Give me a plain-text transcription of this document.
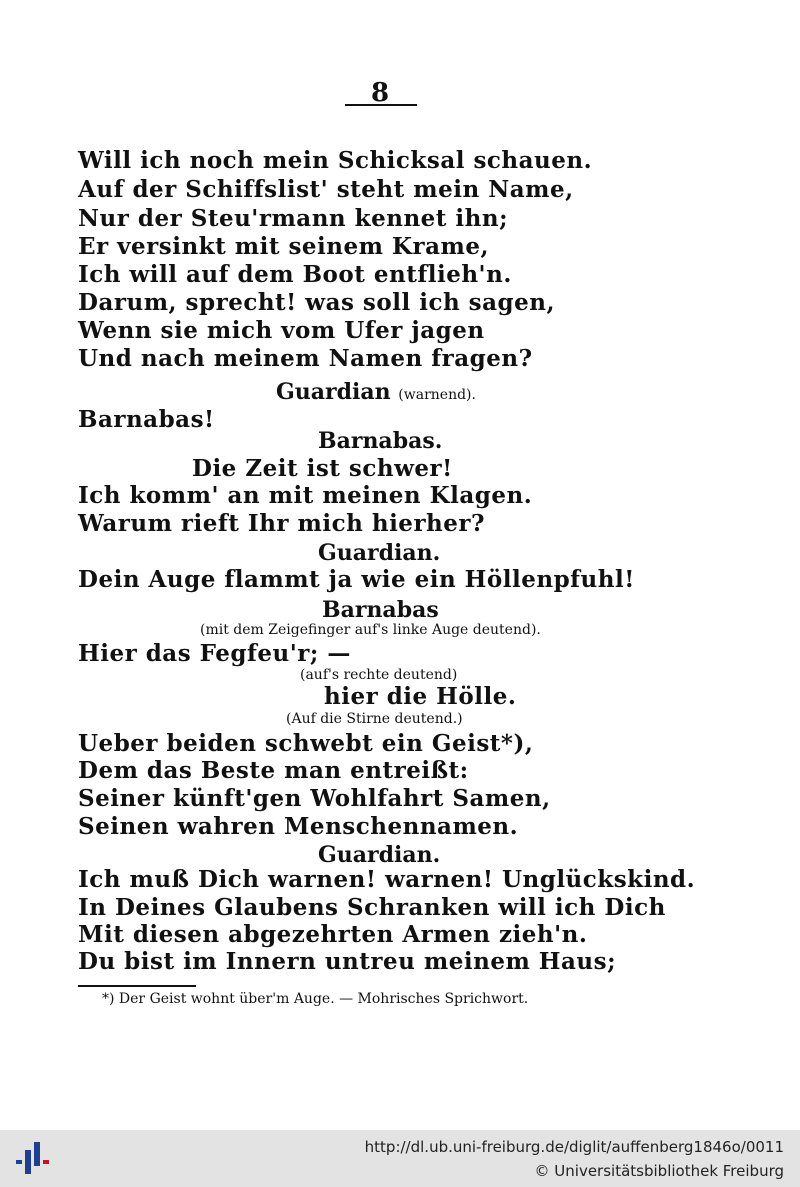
8
Will ich noch mein Schicksal schauen.
Auf der Schiffslist' steht mein Name,
Nur der Steu'rmann kennet ihn;
Er versinkt mit seinem Krame,
Ich will auf dem Boot entflieh'n.
Darum, sprecht! was soll ich sagen,
Wenn sie mich vom Ufer jagen
Und nach meinem Namen fragen?
Guardian (warnend).
Barnabas!
Barnabas.
Die Zeit ist schwer!
Ich komm' an mit meinen Klagen.
Warum rieft Ihr mich hierher?
Guardian.
Dein Auge flammt ja wie ein Höllenpfuhl!
Barnabas
(mit dem Zeigefinger auf's linke Auge deutend).
Hier das Fegfeu'r; —
(auf's rechte deutend)
hier die Hölle.
(Auf die Stirne deutend.)
Ueber beiden schwebt ein Geist*),
Dem das Beste man entreißt:
Seiner künft'gen Wohlfahrt Samen,
Seinen wahren Menschennamen.
Guardian.
Ich muß Dich warnen! warnen! Unglückskind.
In Deines Glaubens Schranken will ich Dich
Mit diesen abgezehrten Armen zieh'n.
Du bist im Innern untreu meinem Haus;
*) Der Geist wohnt über'm Auge. — Mohrisches Sprichwort.
http://dl.ub.uni-freiburg.de/diglit/auffenberg1846o/0011
© Universitätsbibliothek Freiburg
